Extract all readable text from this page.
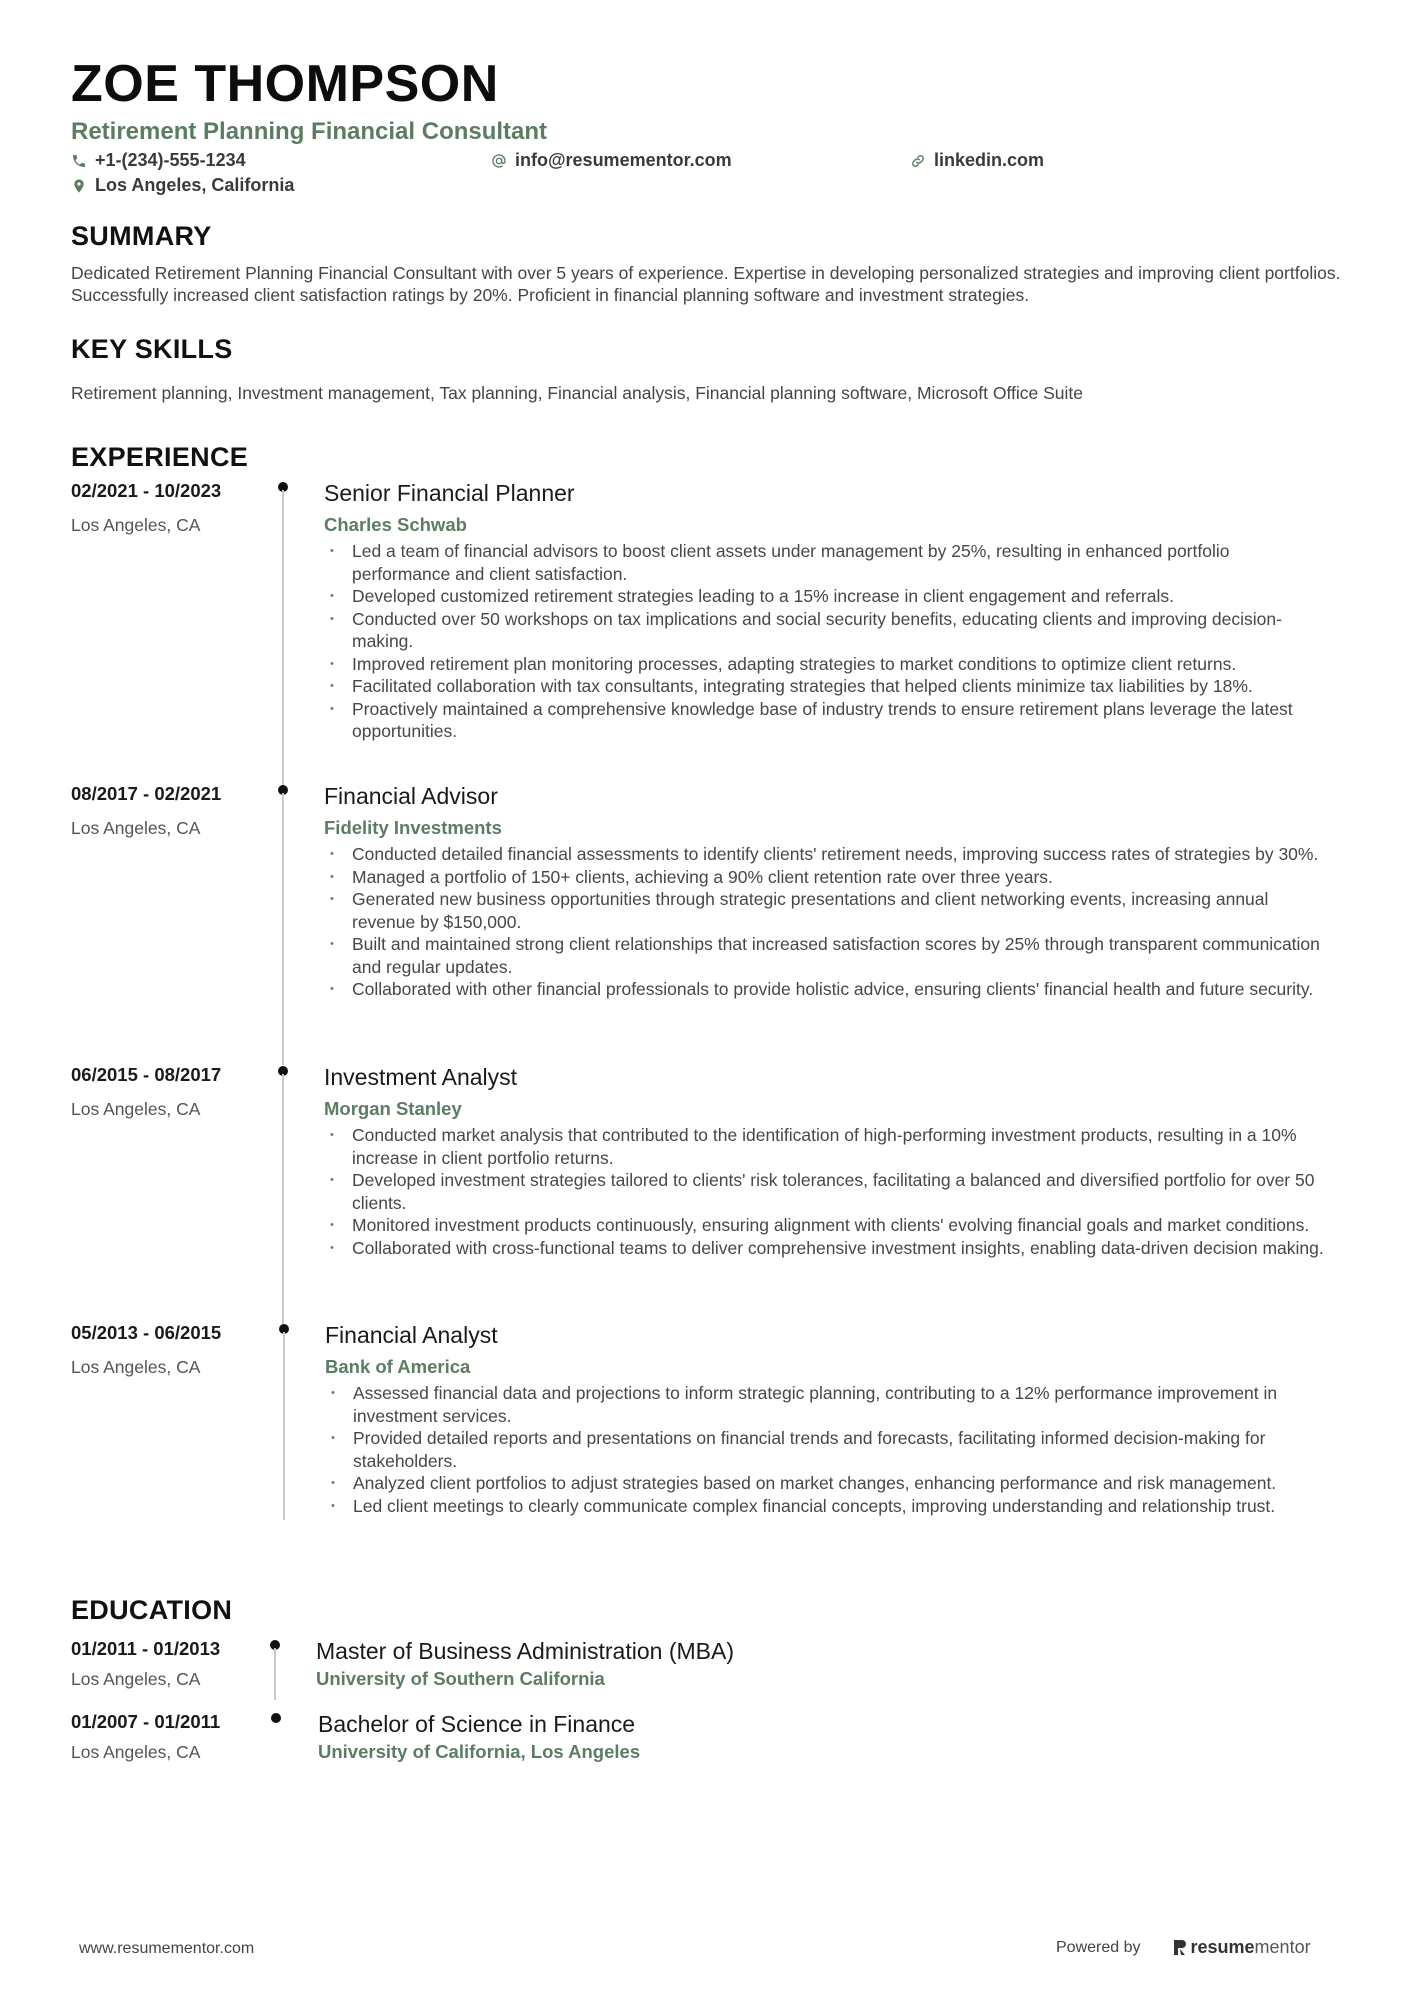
ZOE THOMPSON
Retirement Planning Financial Consultant
+1-(234)-555-1234	info@resumementor.com	linkedin.com
Los Angeles, California
SUMMARY
Dedicated Retirement Planning Financial Consultant with over 5 years of experience. Expertise in developing personalized strategies and improving client portfolios. Successfully increased client satisfaction ratings by 20%. Proficient in financial planning software and investment strategies.
KEY SKILLS
Retirement planning, Investment management, Tax planning, Financial analysis, Financial planning software, Microsoft Office Suite
EXPERIENCE
02/2021 - 10/2023
Los Angeles, CA
Senior Financial Planner
Charles Schwab
• Led a team of financial advisors to boost client assets under management by 25%, resulting in enhanced portfolio performance and client satisfaction.
• Developed customized retirement strategies leading to a 15% increase in client engagement and referrals.
• Conducted over 50 workshops on tax implications and social security benefits, educating clients and improving decision-making.
• Improved retirement plan monitoring processes, adapting strategies to market conditions to optimize client returns.
• Facilitated collaboration with tax consultants, integrating strategies that helped clients minimize tax liabilities by 18%.
• Proactively maintained a comprehensive knowledge base of industry trends to ensure retirement plans leverage the latest opportunities.
08/2017 - 02/2021
Los Angeles, CA
Financial Advisor
Fidelity Investments
• Conducted detailed financial assessments to identify clients' retirement needs, improving success rates of strategies by 30%.
• Managed a portfolio of 150+ clients, achieving a 90% client retention rate over three years.
• Generated new business opportunities through strategic presentations and client networking events, increasing annual revenue by $150,000.
• Built and maintained strong client relationships that increased satisfaction scores by 25% through transparent communication and regular updates.
• Collaborated with other financial professionals to provide holistic advice, ensuring clients' financial health and future security.
06/2015 - 08/2017
Los Angeles, CA
Investment Analyst
Morgan Stanley
• Conducted market analysis that contributed to the identification of high-performing investment products, resulting in a 10% increase in client portfolio returns.
• Developed investment strategies tailored to clients' risk tolerances, facilitating a balanced and diversified portfolio for over 50 clients.
• Monitored investment products continuously, ensuring alignment with clients' evolving financial goals and market conditions.
• Collaborated with cross-functional teams to deliver comprehensive investment insights, enabling data-driven decision making.
05/2013 - 06/2015
Los Angeles, CA
Financial Analyst
Bank of America
• Assessed financial data and projections to inform strategic planning, contributing to a 12% performance improvement in investment services.
• Provided detailed reports and presentations on financial trends and forecasts, facilitating informed decision-making for stakeholders.
• Analyzed client portfolios to adjust strategies based on market changes, enhancing performance and risk management.
• Led client meetings to clearly communicate complex financial concepts, improving understanding and relationship trust.
EDUCATION
01/2011 - 01/2013
Los Angeles, CA
Master of Business Administration (MBA)
University of Southern California
01/2007 - 01/2011
Los Angeles, CA
Bachelor of Science in Finance
University of California, Los Angeles
www.resumementor.com	Powered by	resume mentor
